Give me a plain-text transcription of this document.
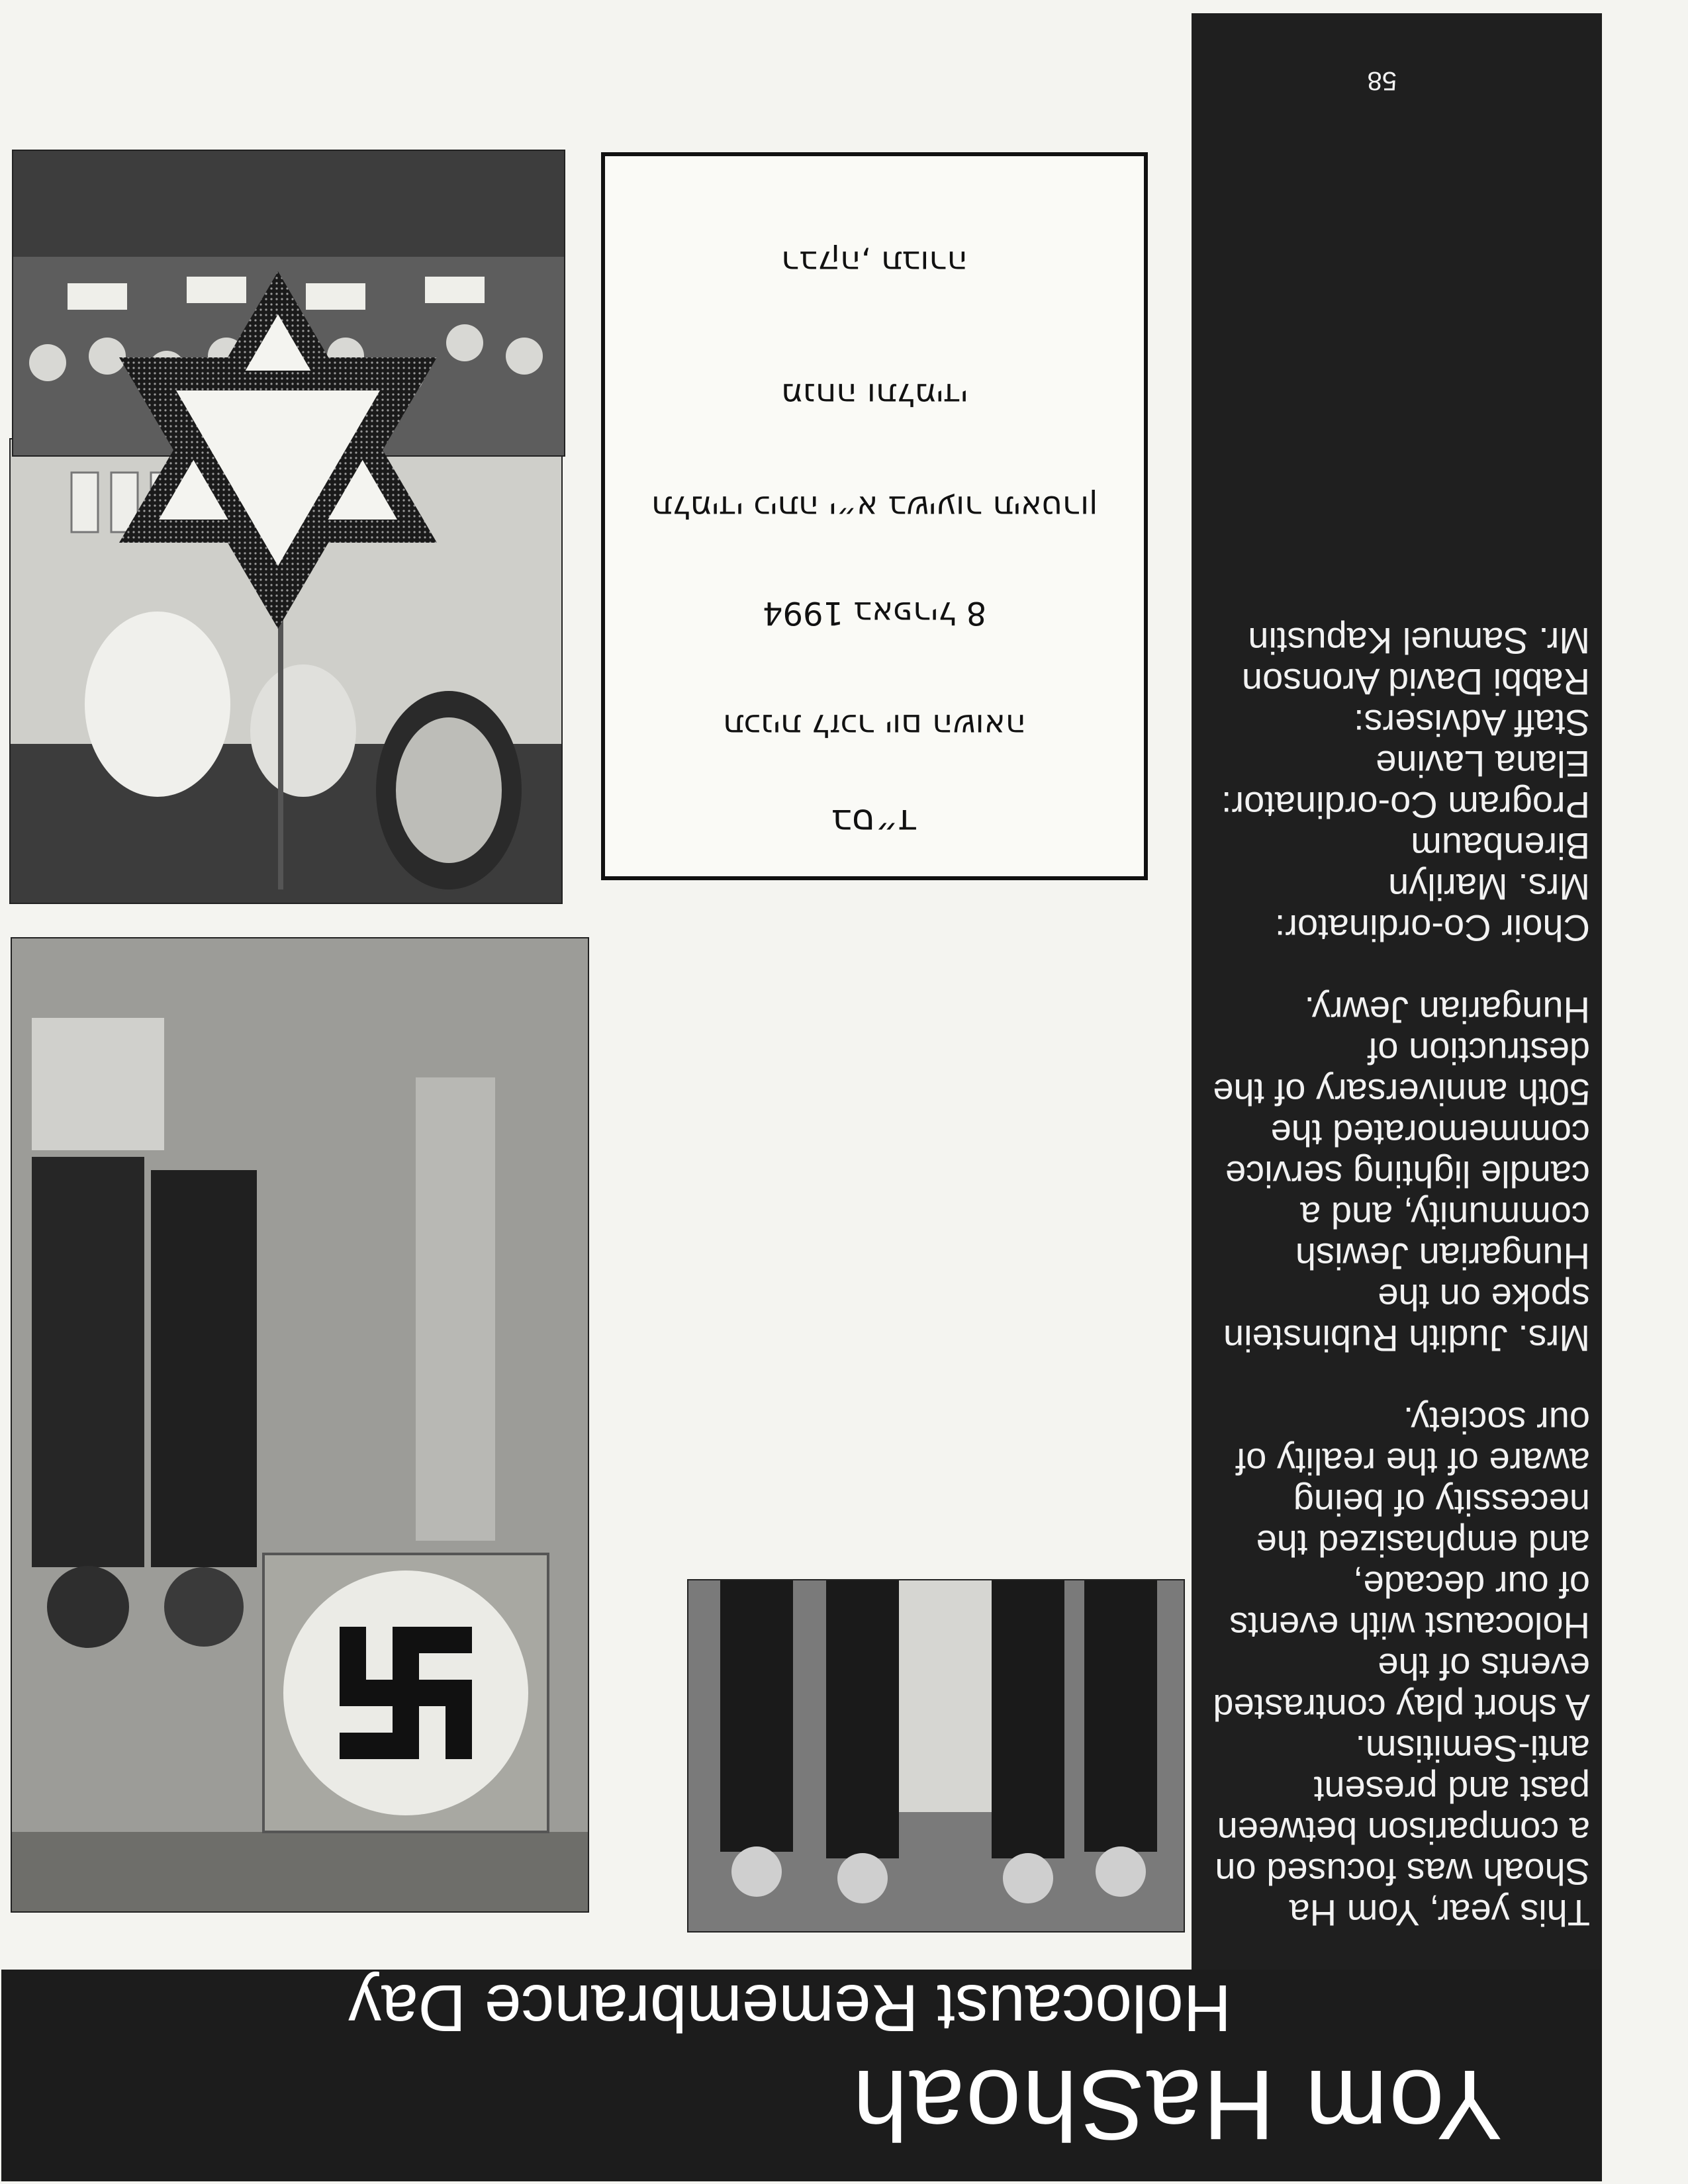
Yom HaShoah
Holocaust Remembrance Day

This year, Yom Ha
Shoah was focused on
a comparison between
past and present
anti-Semitism.
A short play contrasted
events of the
Holocaust with events
of our decade,
and emphasized the
necessity of being
aware of the reality of
our society.

Mrs. Judith Rubinstein
spoke on the
Hungarian Jewish
community, and a
candle lighting service
commemorated the
50th anniversary of the
destruction of
Hungarian Jewry.

Choir Co-ordinator:
Mrs. Marilyn
Birenbaum
Program Co-ordinator:
Elana Lavine
Staff Advisers:
Rabbi David Aronson
Mr. Samuel Kapustin
58
בס״ד
תכנית לזכר יום השואה
1994 באפריל 8
תלמידי כיתה י״א בשיעור תיאטרון
מנחה ותלמידי
רבקה, תבורה
